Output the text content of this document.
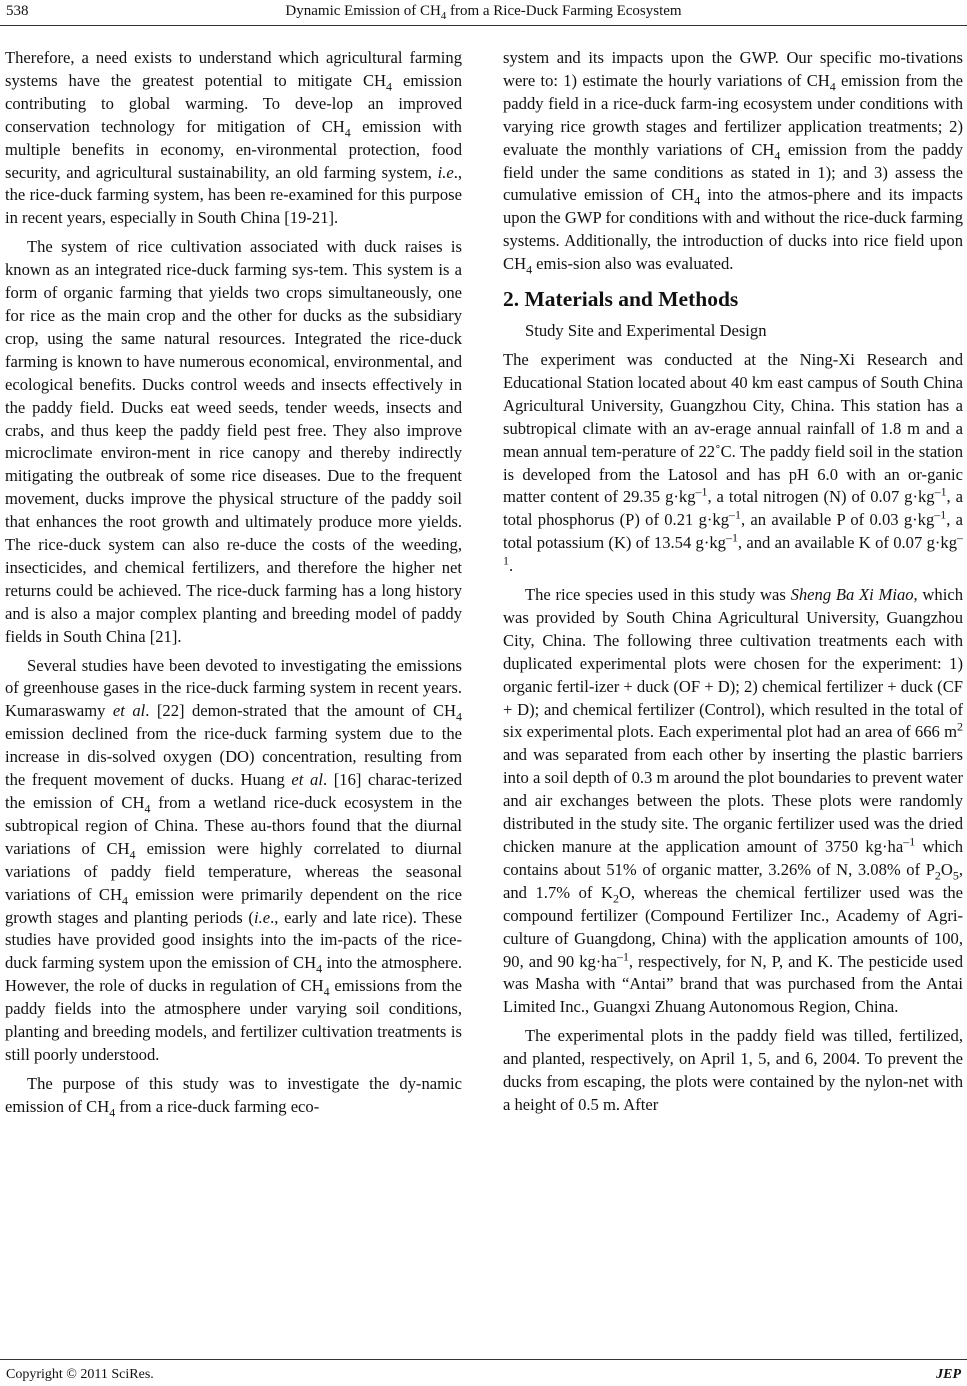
538	Dynamic Emission of $CH_4$ from a Rice-Duck Farming Ecosystem

Therefore, a need exists to understand which agricultural farming systems have the greatest potential to mitigate $CH_4$ emission contributing to global warming. To deve-lop an improved conservation technology for mitigation of $CH_4$ emission with multiple benefits in economy, en-vironmental protection, food security, and agricultural sustainability, an old farming system, i.e., the rice-duck farming system, has been re-examined for this purpose in recent years, especially in South China [19-21].

The system of rice cultivation associated with duck raises is known as an integrated rice-duck farming sys-tem. This system is a form of organic farming that yields two crops simultaneously, one for rice as the main crop and the other for ducks as the subsidiary crop, using the same natural resources. Integrated the rice-duck farming is known to have numerous economical, environmental, and ecological benefits. Ducks control weeds and insects effectively in the paddy field. Ducks eat weed seeds, tender weeds, insects and crabs, and thus keep the paddy field pest free. They also improve microclimate environ-ment in rice canopy and thereby indirectly mitigating the outbreak of some rice diseases. Due to the frequent movement, ducks improve the physical structure of the paddy soil that enhances the root growth and ultimately produce more yields. The rice-duck system can also re-duce the costs of the weeding, insecticides, and chemical fertilizers, and therefore the higher net returns could be achieved. The rice-duck farming has a long history and is also a major complex planting and breeding model of paddy fields in South China [21].

Several studies have been devoted to investigating the emissions of greenhouse gases in the rice-duck farming system in recent years. Kumaraswamy et al. [22] demon-strated that the amount of $CH_4$ emission declined from the rice-duck farming system due to the increase in dis-solved oxygen (DO) concentration, resulting from the frequent movement of ducks. Huang et al. [16] charac-terized the emission of $CH_4$ from a wetland rice-duck ecosystem in the subtropical region of China. These au-thors found that the diurnal variations of $CH_4$ emission were highly correlated to diurnal variations of paddy field temperature, whereas the seasonal variations of $CH_4$ emission were primarily dependent on the rice growth stages and planting periods (i.e., early and late rice). These studies have provided good insights into the im-pacts of the rice-duck farming system upon the emission of $CH_4$ into the atmosphere. However, the role of ducks in regulation of $CH_4$ emissions from the paddy fields into the atmosphere under varying soil conditions, planting and breeding models, and fertilizer cultivation treatments is still poorly understood.

The purpose of this study was to investigate the dy-namic emission of $CH_4$ from a rice-duck farming eco-

system and its impacts upon the GWP. Our specific mo-tivations were to: 1) estimate the hourly variations of $CH_4$ emission from the paddy field in a rice-duck farm-ing ecosystem under conditions with varying rice growth stages and fertilizer application treatments; 2) evaluate the monthly variations of $CH_4$ emission from the paddy field under the same conditions as stated in 1); and 3) assess the cumulative emission of $CH_4$ into the atmos-phere and its impacts upon the GWP for conditions with and without the rice-duck farming systems. Additionally, the introduction of ducks into rice field upon $CH_4$ emis-sion also was evaluated.

2. Materials and Methods

Study Site and Experimental Design

The experiment was conducted at the Ning-Xi Research and Educational Station located about 40 km east campus of South China Agricultural University, Guangzhou City, China. This station has a subtropical climate with an av-erage annual rainfall of 1.8 m and a mean annual tem-perature of 22˚C. The paddy field soil in the station is developed from the Latosol and has pH 6.0 with an or-ganic matter content of 29.35 $g\cdot kg^{-1}$, a total nitrogen (N) of 0.07 $g\cdot kg^{-1}$, a total phosphorus (P) of 0.21 $g\cdot kg^{-1}$, an available P of 0.03 $g\cdot kg^{-1}$, a total potassium (K) of 13.54 $g\cdot kg^{-1}$, and an available K of 0.07 $g\cdot kg^{-1}$.

The rice species used in this study was Sheng Ba Xi Miao, which was provided by South China Agricultural University, Guangzhou City, China. The following three cultivation treatments each with duplicated experimental plots were chosen for the experiment: 1) organic fertil-izer + duck (OF + D); 2) chemical fertilizer + duck (CF + D); and chemical fertilizer (Control), which resulted in the total of six experimental plots. Each experimental plot had an area of 666 $m^2$ and was separated from each other by inserting the plastic barriers into a soil depth of 0.3 m around the plot boundaries to prevent water and air exchanges between the plots. These plots were randomly distributed in the study site. The organic fertilizer used was the dried chicken manure at the application amount of 3750 $kg\cdot ha^{-1}$ which contains about 51% of organic matter, 3.26% of N, 3.08% of $P_2O_5$, and 1.7% of $K_2O$, whereas the chemical fertilizer used was the compound fertilizer (Compound Fertilizer Inc., Academy of Agri-culture of Guangdong, China) with the application amounts of 100, 90, and 90 $kg\cdot ha^{-1}$, respectively, for N, P, and K. The pesticide used was Masha with “Antai” brand that was purchased from the Antai Limited Inc., Guangxi Zhuang Autonomous Region, China.

The experimental plots in the paddy field was tilled, fertilized, and planted, respectively, on April 1, 5, and 6, 2004. To prevent the ducks from escaping, the plots were contained by the nylon-net with a height of 0.5 m. After

Copyright © 2011 SciRes.	JEP
